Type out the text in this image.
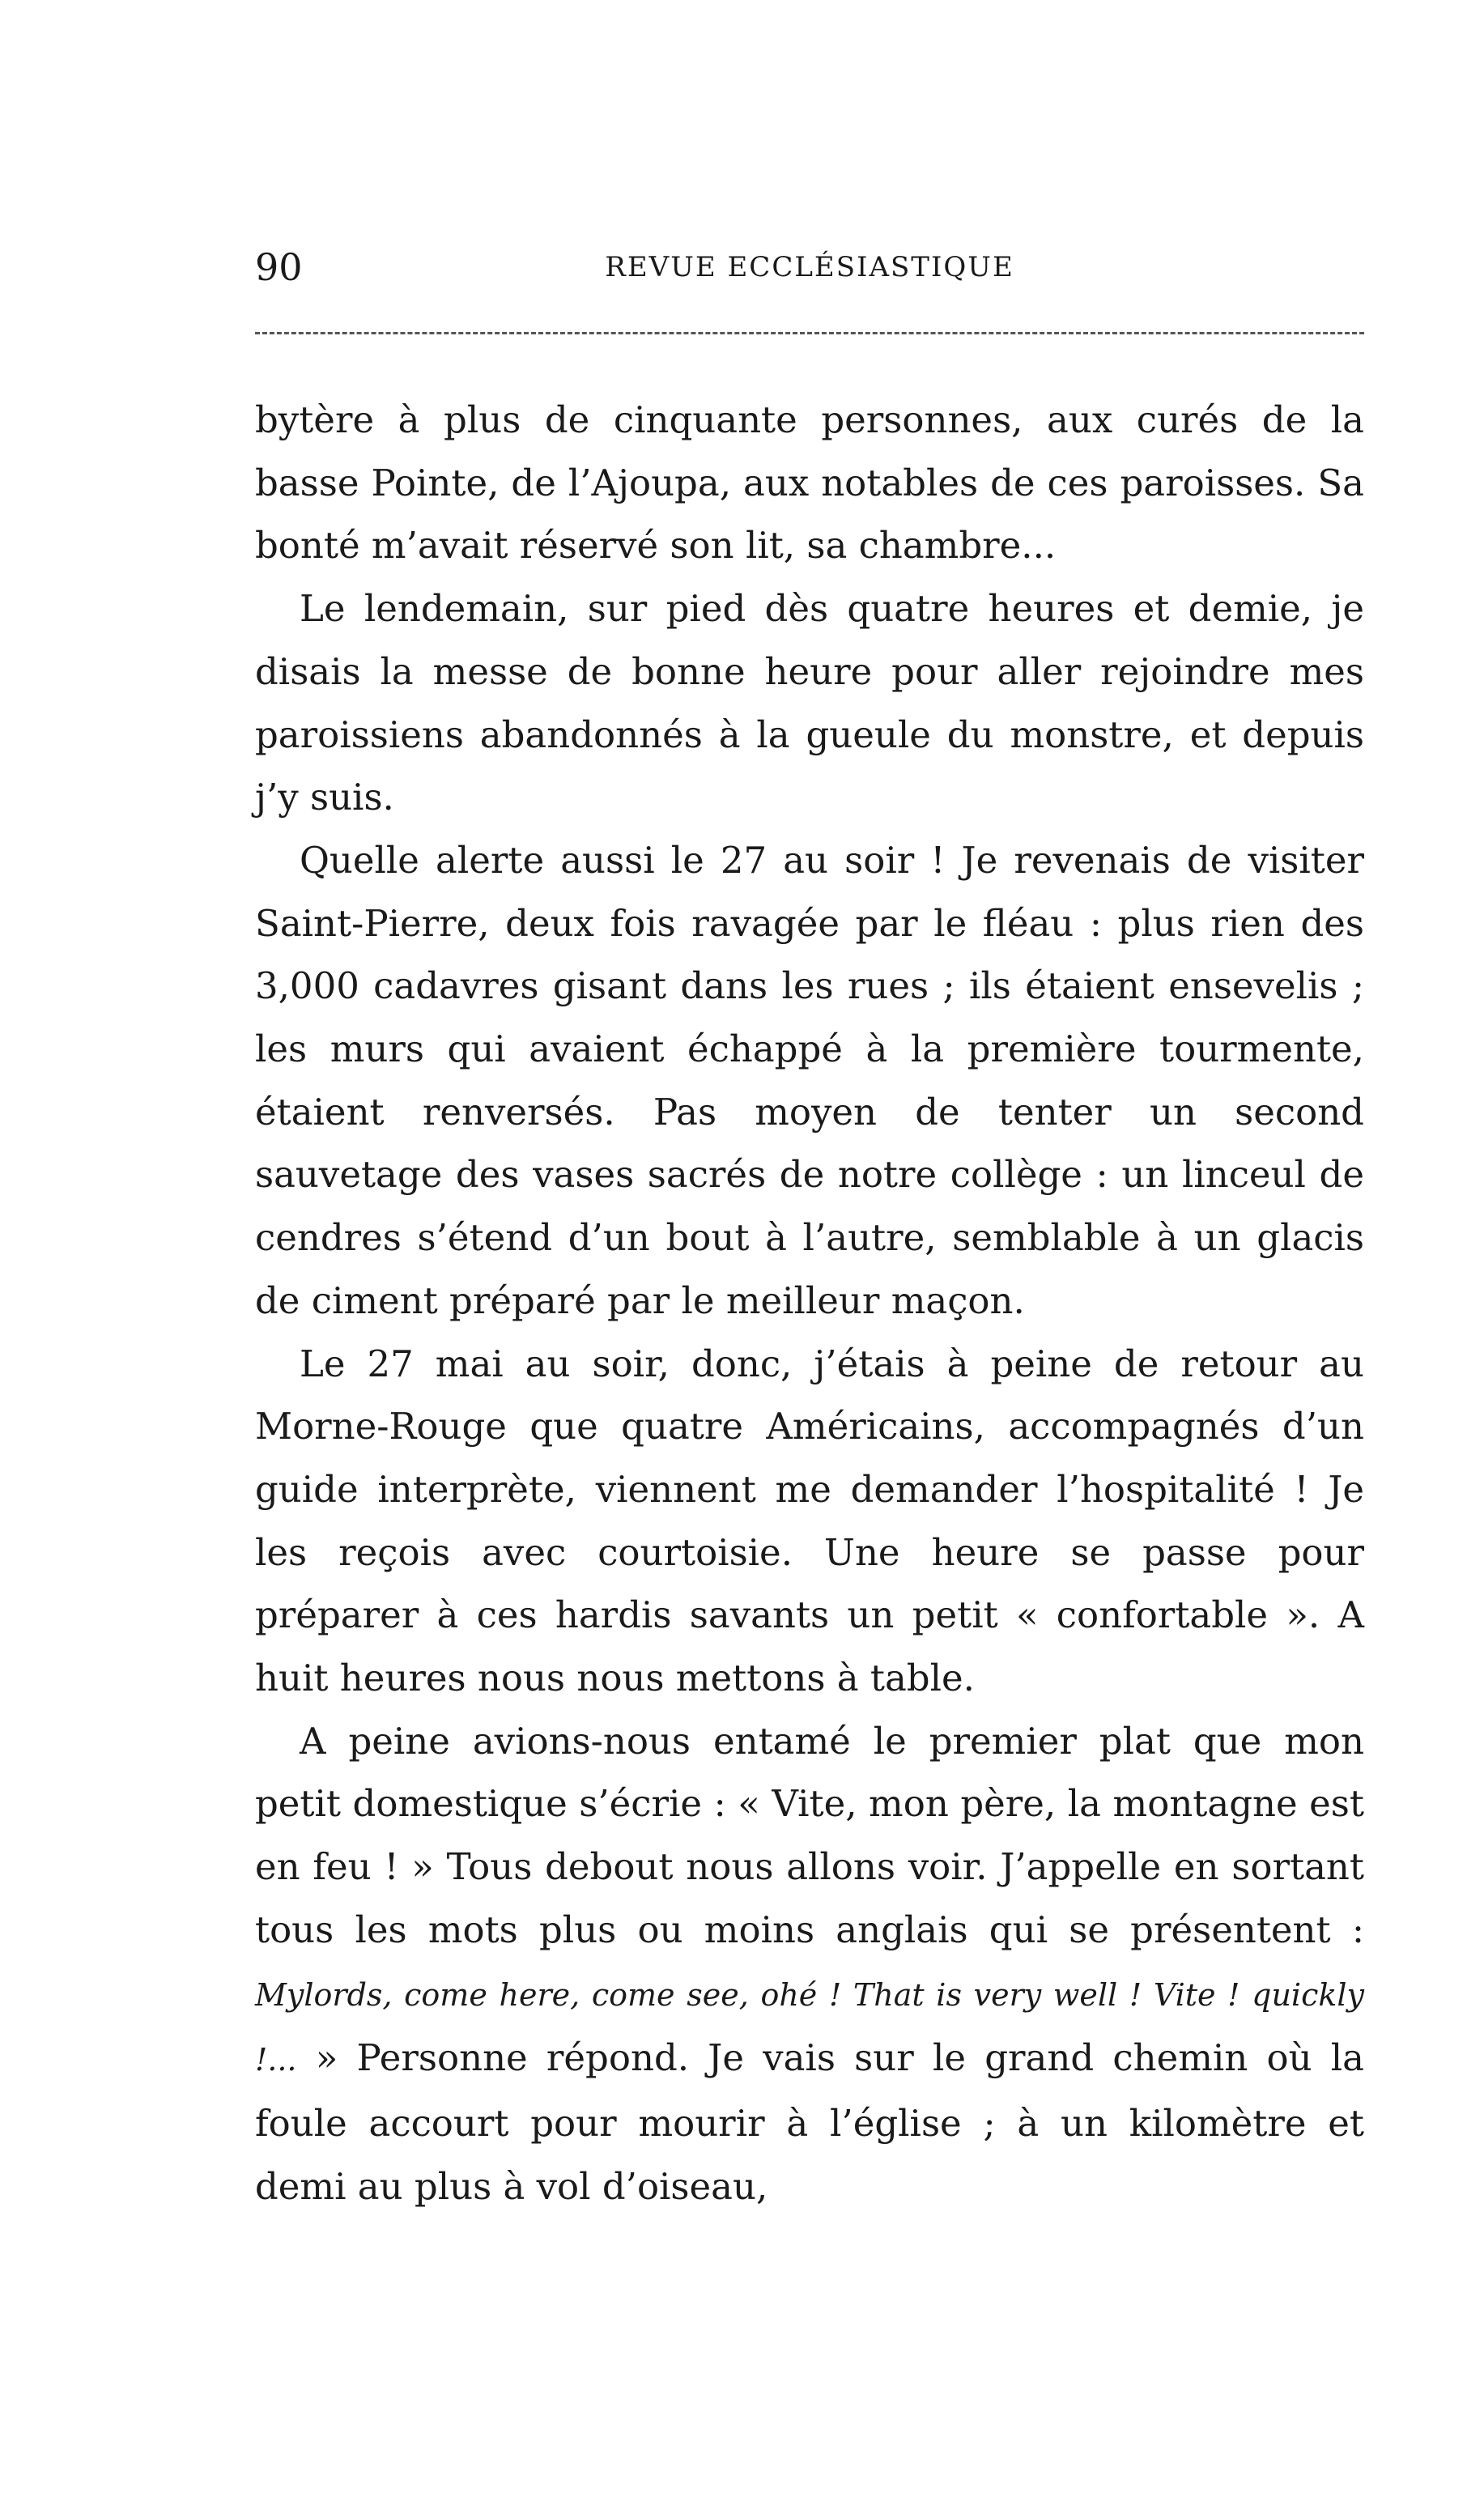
90	REVUE ECCLÉSIASTIQUE

bytère à plus de cinquante personnes, aux curés de la basse Pointe, de l’Ajoupa, aux notables de ces paroisses. Sa bonté m’avait réservé son lit, sa chambre...

Le lendemain, sur pied dès quatre heures et demie, je disais la messe de bonne heure pour aller rejoindre mes paroissiens abandonnés à la gueule du monstre, et depuis j’y suis.

Quelle alerte aussi le 27 au soir ! Je revenais de visiter Saint-Pierre, deux fois ravagée par le fléau : plus rien des 3,000 cadavres gisant dans les rues ; ils étaient ensevelis ; les murs qui avaient échappé à la première tourmente, étaient renversés. Pas moyen de tenter un second sauvetage des vases sacrés de notre collège : un linceul de cendres s’étend d’un bout à l’autre, semblable à un glacis de ciment préparé par le meilleur maçon.

Le 27 mai au soir, donc, j’étais à peine de retour au Morne-Rouge que quatre Américains, accompagnés d’un guide interprète, viennent me demander l’hospitalité ! Je les reçois avec courtoisie. Une heure se passe pour préparer à ces hardis savants un petit « confortable ». A huit heures nous nous mettons à table.

A peine avions-nous entamé le premier plat que mon petit domestique s’écrie : « Vite, mon père, la montagne est en feu ! » Tous debout nous allons voir. J’appelle en sortant tous les mots plus ou moins anglais qui se présentent : Mylords, come here, come see, ohé ! That is very well ! Vite ! quickly !... » Personne répond. Je vais sur le grand chemin où la foule accourt pour mourir à l’église ; à un kilomètre et demi au plus à vol d’oiseau,
